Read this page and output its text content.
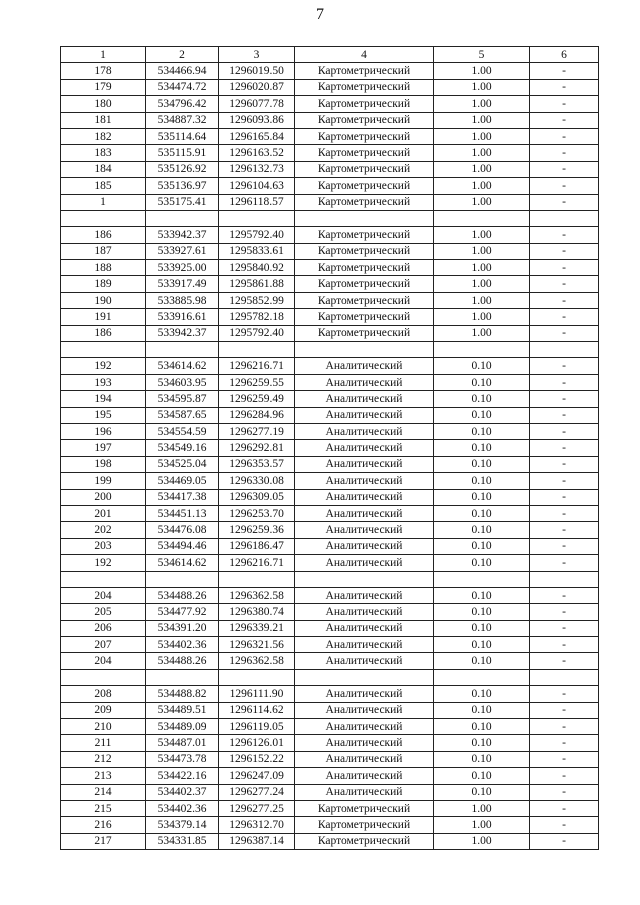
7
1	2	3	4	5	6
178	534466.94	1296019.50	Картометрический	1.00	-
179	534474.72	1296020.87	Картометрический	1.00	-
180	534796.42	1296077.78	Картометрический	1.00	-
181	534887.32	1296093.86	Картометрический	1.00	-
182	535114.64	1296165.84	Картометрический	1.00	-
183	535115.91	1296163.52	Картометрический	1.00	-
184	535126.92	1296132.73	Картометрический	1.00	-
185	535136.97	1296104.63	Картометрический	1.00	-
1	535175.41	1296118.57	Картометрический	1.00	-

186	533942.37	1295792.40	Картометрический	1.00	-
187	533927.61	1295833.61	Картометрический	1.00	-
188	533925.00	1295840.92	Картометрический	1.00	-
189	533917.49	1295861.88	Картометрический	1.00	-
190	533885.98	1295852.99	Картометрический	1.00	-
191	533916.61	1295782.18	Картометрический	1.00	-
186	533942.37	1295792.40	Картометрический	1.00	-

192	534614.62	1296216.71	Аналитический	0.10	-
193	534603.95	1296259.55	Аналитический	0.10	-
194	534595.87	1296259.49	Аналитический	0.10	-
195	534587.65	1296284.96	Аналитический	0.10	-
196	534554.59	1296277.19	Аналитический	0.10	-
197	534549.16	1296292.81	Аналитический	0.10	-
198	534525.04	1296353.57	Аналитический	0.10	-
199	534469.05	1296330.08	Аналитический	0.10	-
200	534417.38	1296309.05	Аналитический	0.10	-
201	534451.13	1296253.70	Аналитический	0.10	-
202	534476.08	1296259.36	Аналитический	0.10	-
203	534494.46	1296186.47	Аналитический	0.10	-
192	534614.62	1296216.71	Аналитический	0.10	-

204	534488.26	1296362.58	Аналитический	0.10	-
205	534477.92	1296380.74	Аналитический	0.10	-
206	534391.20	1296339.21	Аналитический	0.10	-
207	534402.36	1296321.56	Аналитический	0.10	-
204	534488.26	1296362.58	Аналитический	0.10	-

208	534488.82	1296111.90	Аналитический	0.10	-
209	534489.51	1296114.62	Аналитический	0.10	-
210	534489.09	1296119.05	Аналитический	0.10	-
211	534487.01	1296126.01	Аналитический	0.10	-
212	534473.78	1296152.22	Аналитический	0.10	-
213	534422.16	1296247.09	Аналитический	0.10	-
214	534402.37	1296277.24	Аналитический	0.10	-
215	534402.36	1296277.25	Картометрический	1.00	-
216	534379.14	1296312.70	Картометрический	1.00	-
217	534331.85	1296387.14	Картометрический	1.00	-
